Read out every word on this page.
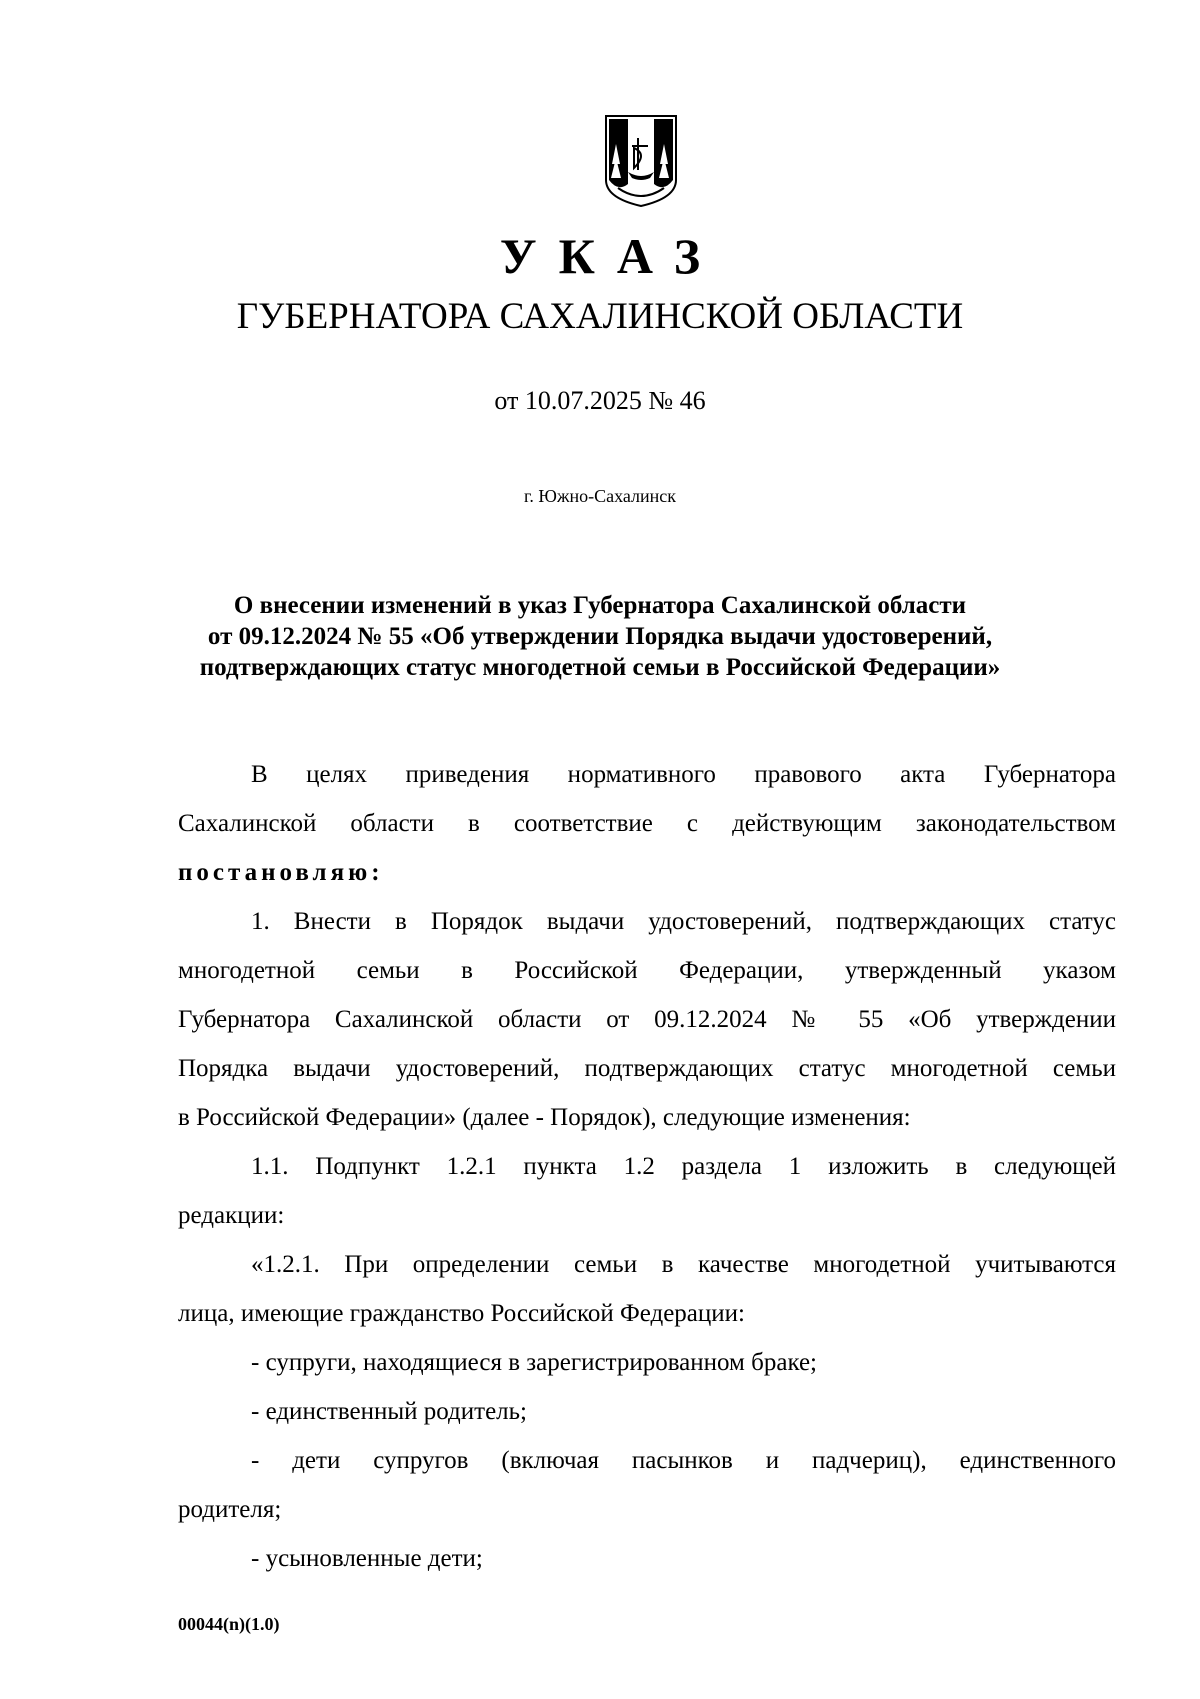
УКАЗ
ГУБЕРНАТОРА САХАЛИНСКОЙ ОБЛАСТИ
от 10.07.2025 № 46
г. Южно-Сахалинск
О внесении изменений в указ Губернатора Сахалинской области
от 09.12.2024 № 55 «Об утверждении Порядка выдачи удостоверений,
подтверждающих статус многодетной семьи в Российской Федерации»
В целях приведения нормативного правового акта Губернатора
Сахалинской области в соответствие с действующим законодательством
постановляю:
1. Внести в Порядок выдачи удостоверений, подтверждающих статус
многодетной семьи в Российской Федерации, утвержденный указом
Губернатора Сахалинской области от 09.12.2024 № 55 «Об утверждении
Порядка выдачи удостоверений, подтверждающих статус многодетной семьи
в Российской Федерации» (далее - Порядок), следующие изменения:
1.1. Подпункт 1.2.1 пункта 1.2 раздела 1 изложить в следующей
редакции:
«1.2.1. При определении семьи в качестве многодетной учитываются
лица, имеющие гражданство Российской Федерации:
- супруги, находящиеся в зарегистрированном браке;
- единственный родитель;
- дети супругов (включая пасынков и падчериц), единственного
родителя;
- усыновленные дети;
00044(n)(1.0)
